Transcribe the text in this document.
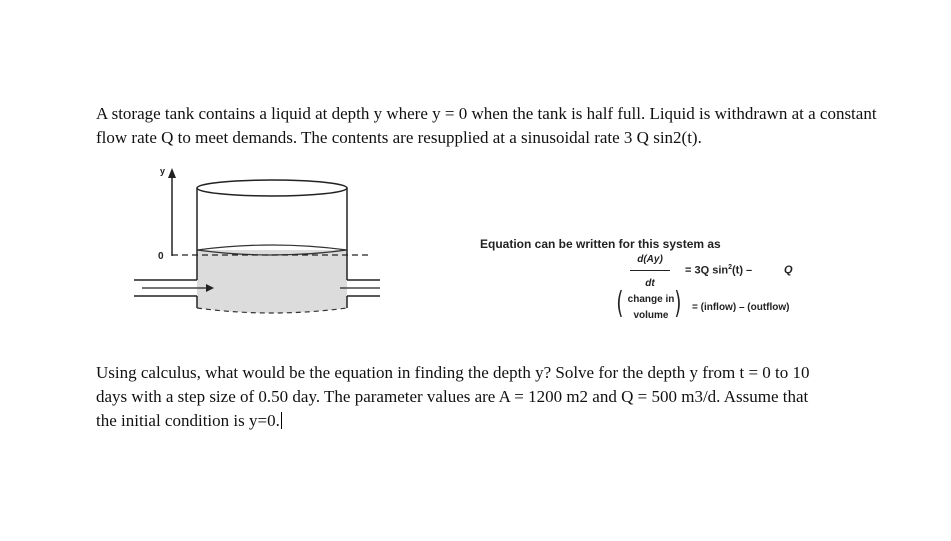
A storage tank contains a liquid at depth y where y = 0 when the tank is half full. Liquid is withdrawn at a constant flow rate Q to meet demands. The contents are resupplied at a sinusoidal rate 3 Q sin2(t).

y
0
Equation can be written for this system as
d(Ay)
dt
= 3Q $\sin^2(t)$ –	Q
( change in
volume ) = (inflow) – (outflow)

Using calculus, what would be the equation in finding the depth y? Solve for the depth y from t = 0 to 10 days with a step size of 0.50 day. The parameter values are A = 1200 m2 and Q = 500 m3/d. Assume that the initial condition is y=0.
